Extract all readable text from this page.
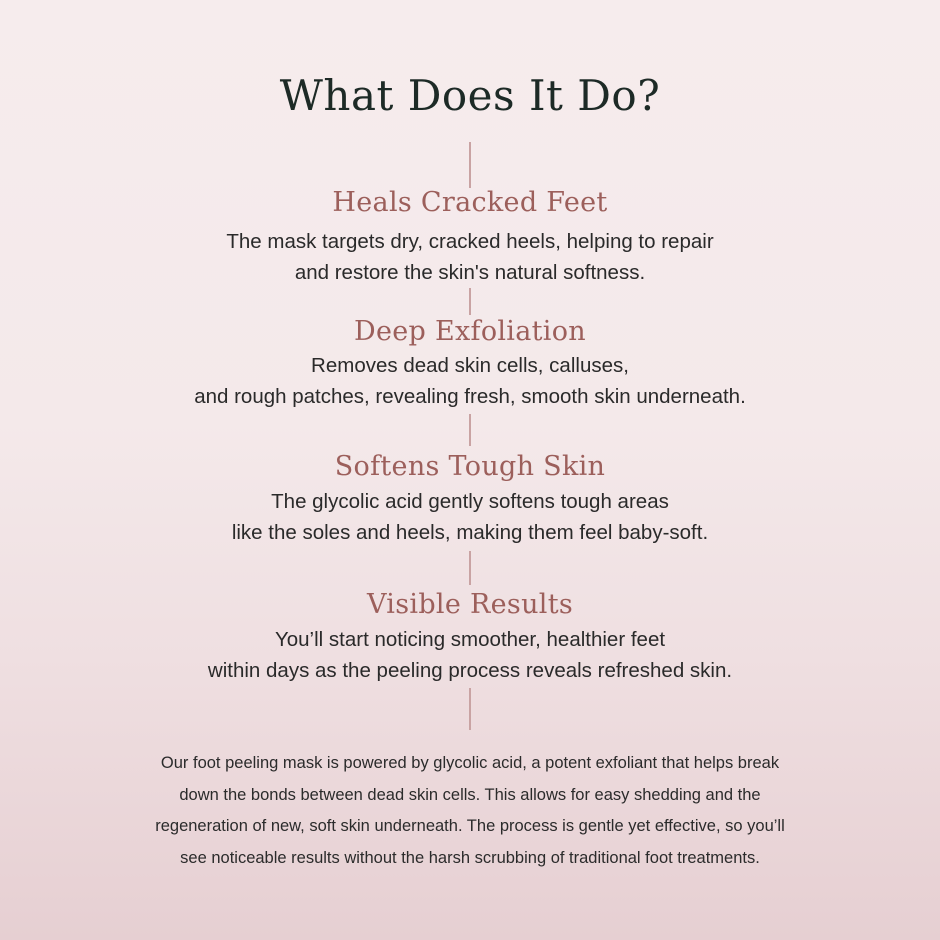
What Does It Do?
Heals Cracked Feet

The mask targets dry, cracked heels, helping to repair

and restore the skin's natural softness.

Deep Exfoliation

Removes dead skin cells, calluses,

and rough patches, revealing fresh, smooth skin underneath.

Softens Tough Skin

The glycolic acid gently softens tough areas

like the soles and heels, making them feel baby-soft.

Visible Results

You’ll start noticing smoother, healthier feet

within days as the peeling process reveals refreshed skin.

Our foot peeling mask is powered by glycolic acid, a potent exfoliant that helps break
down the bonds between dead skin cells. This allows for easy shedding and the
regeneration of new, soft skin underneath. The process is gentle yet effective, so you’ll
see noticeable results without the harsh scrubbing of traditional foot treatments.
